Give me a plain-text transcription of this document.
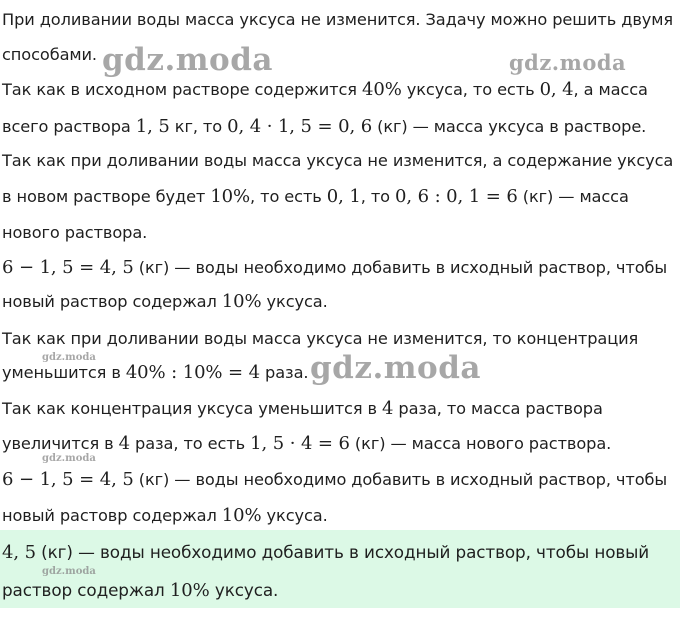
При доливании воды масса уксуса не изменится. Задачу можно решить двумя
способами.
Так как в исходном растворе содержится 40% уксуса, то есть 0, 4, а масса
всего раствора 1, 5 кг, то 0, 4 · 1, 5 = 0, 6 (кг) — масса уксуса в растворе.
Так как при доливании воды масса уксуса не изменится, а содержание уксуса
в новом растворе будет 10%, то есть 0, 1, то 0, 6 : 0, 1 = 6 (кг) — масса
нового раствора.
6 − 1, 5 = 4, 5 (кг) — воды необходимо добавить в исходный раствор, чтобы
новый раствор содержал 10% уксуса.
Так как при доливании воды масса уксуса не изменится, то концентрация
уменьшится в 40% : 10% = 4 раза.
Так как концентрация уксуса уменьшится в 4 раза, то масса раствора
увеличится в 4 раза, то есть 1, 5 · 4 = 6 (кг) — масса нового раствора.
6 − 1, 5 = 4, 5 (кг) — воды необходимо добавить в исходный раствор, чтобы
новый растовр содержал 10% уксуса.
4, 5 (кг) — воды необходимо добавить в исходный раствор, чтобы новый
раствор содержал 10% уксуса.
gdz.moda	gdz.moda
gdz.moda	gdz.moda
gdz.moda
gdz.moda
